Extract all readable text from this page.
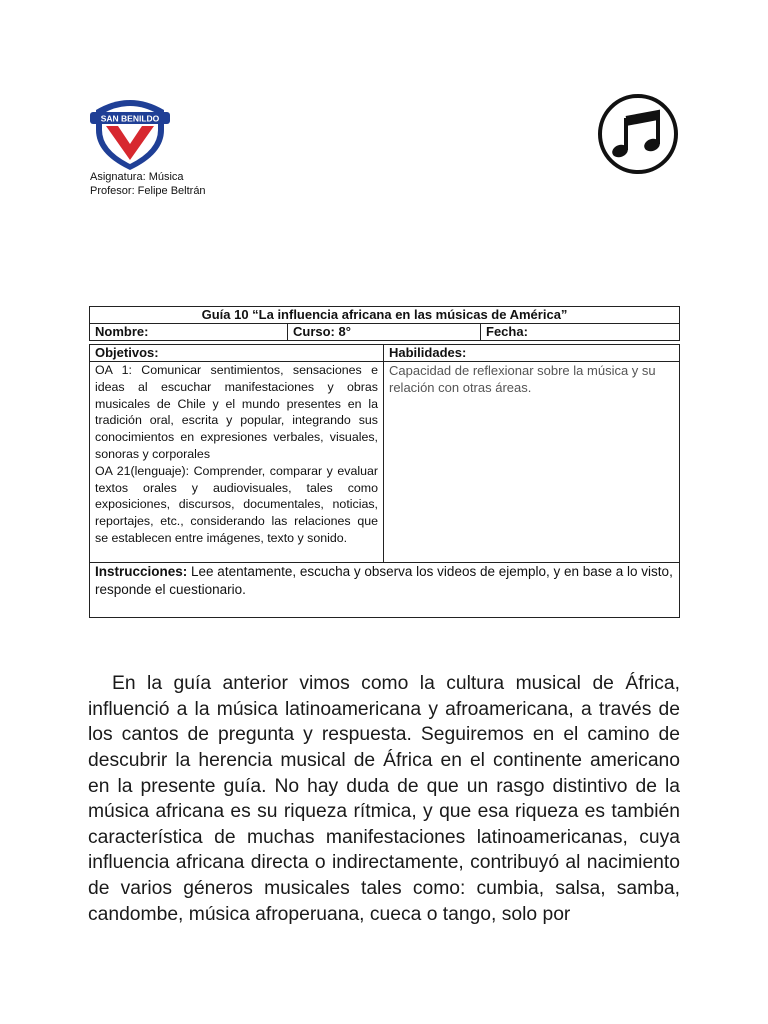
SAN BENILDO
Asignatura: Música
Profesor: Felipe Beltrán
Guía 10 “La influencia africana en las músicas de América”
Nombre:	Curso: 8°	Fecha:
Objetivos:	Habilidades:

OA 1: Comunicar sentimientos, sensaciones e ideas al escuchar manifestaciones y obras musicales de Chile y el mundo presentes en la tradición oral, escrita y popular, integrando sus conocimientos en expresiones verbales, visuales, sonoras y corporales
OA 21(lenguaje): Comprender, comparar y evaluar textos orales y audiovisuales, tales como exposiciones, discursos, documentales, noticias, reportajes, etc., considerando las relaciones que se establecen entre imágenes, texto y sonido.	Capacidad de reflexionar sobre la música y su relación con otras áreas.
Instrucciones: Lee atentamente, escucha y observa los videos de ejemplo, y en base a lo visto, responde el cuestionario.	

En la guía anterior vimos como la cultura musical de África, influenció a la música latinoamericana y afroamericana, a través de los cantos de pregunta y respuesta. Seguiremos en el camino de descubrir la herencia musical de África en el continente americano en la presente guía. No hay duda de que un rasgo distintivo de la música africana es su riqueza rítmica, y que esa riqueza es también característica de muchas manifestaciones latinoamericanas, cuya influencia africana directa o indirectamente, contribuyó al nacimiento de varios géneros musicales tales como: cumbia, salsa, samba, candombe, música afroperuana, cueca o tango, solo por
